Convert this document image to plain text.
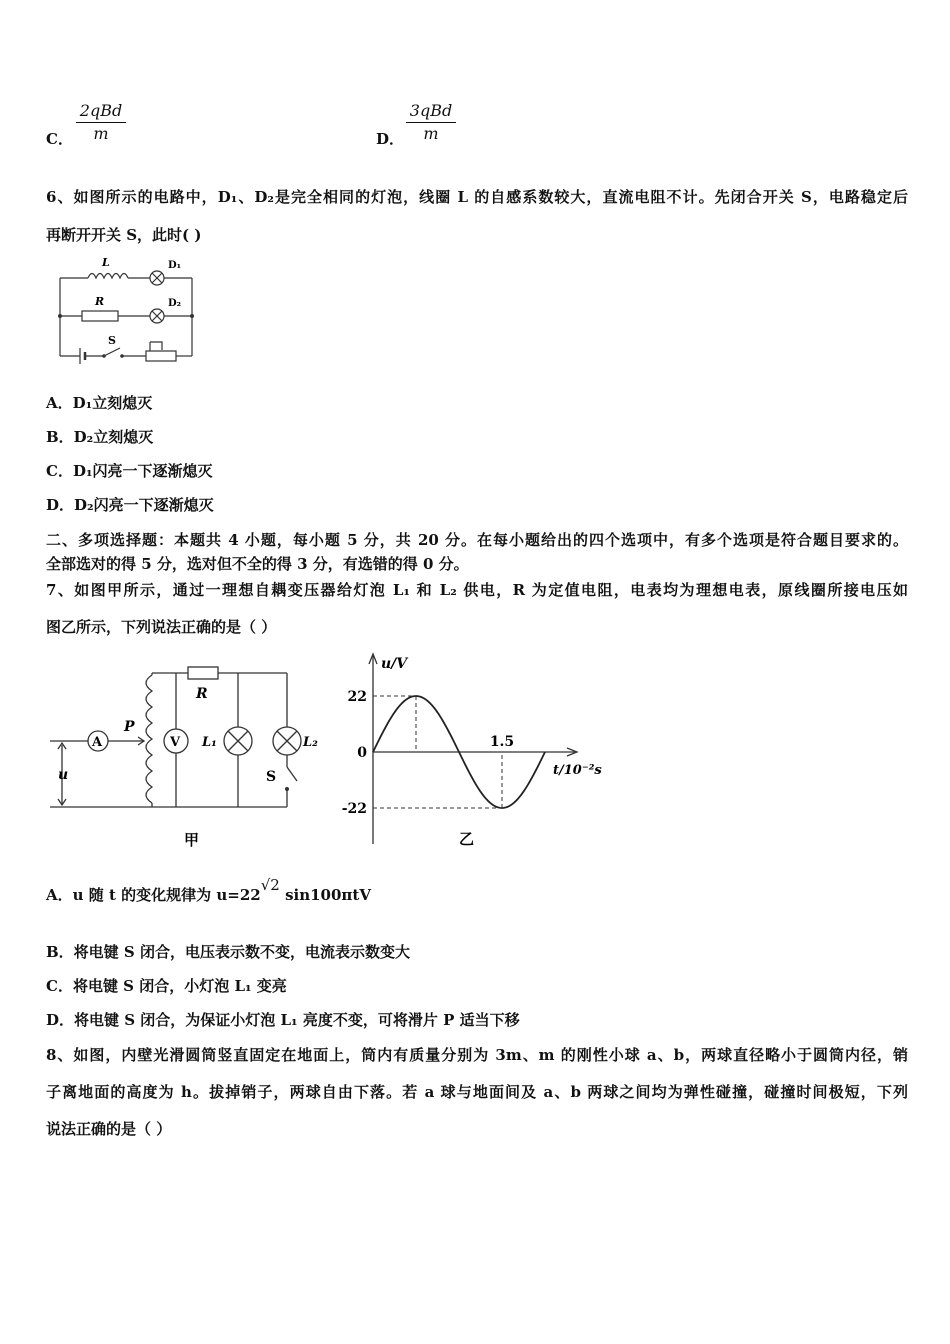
C．
2qBd
m	D．
3qBd
m
6、如图所示的电路中，D₁、D₂是完全相同的灯泡，线圈 L 的自感系数较大，直流电阻不计。先闭合开关 S，电路稳定后
再断开开关 S，此时( )
L	D₁
R	D₂
S
A．D₁立刻熄灭
B．D₂立刻熄灭
C．D₁闪亮一下逐渐熄灭
D．D₂闪亮一下逐渐熄灭
二、多项选择题：本题共 4 小题，每小题 5 分，共 20 分。在每小题给出的四个选项中，有多个选项是符合题目要求的。
全部选对的得 5 分，选对但不全的得 3 分，有选错的得 0 分。
7、如图甲所示，通过一理想自耦变压器给灯泡 L₁ 和 L₂ 供电，R 为定值电阻，电表均为理想电表，原线圈所接电压如
图乙所示，下列说法正确的是（ ）
A	V
R
P
L₁	L₂
S
u
甲
u/V
t/10⁻²s
乙
22
0
-22
1.5
A．u 随 t 的变化规律为 u=22√2 sin100πtV
B．将电键 S 闭合，电压表示数不变，电流表示数变大
C．将电键 S 闭合，小灯泡 L₁ 变亮
D．将电键 S 闭合，为保证小灯泡 L₁ 亮度不变，可将滑片 P 适当下移
8、如图，内壁光滑圆筒竖直固定在地面上，筒内有质量分别为 3m、m 的刚性小球 a、b，两球直径略小于圆筒内径，销
子离地面的高度为 h。拔掉销子，两球自由下落。若 a 球与地面间及 a、b 两球之间均为弹性碰撞，碰撞时间极短，下列
说法正确的是（ ）
